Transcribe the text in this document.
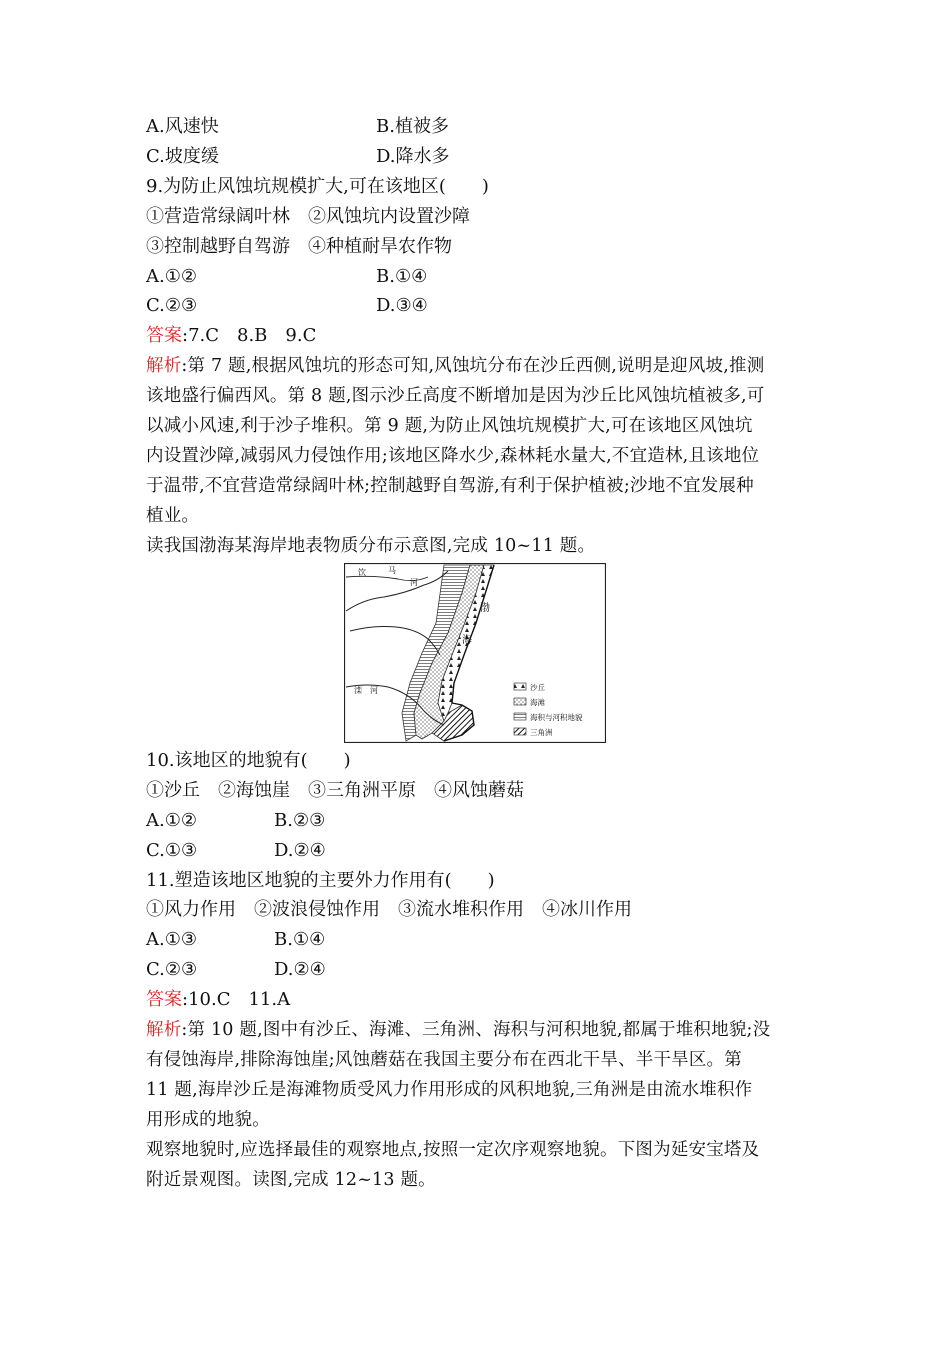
A.风速快	B.植被多
C.坡度缓	D.降水多
9.为防止风蚀坑规模扩大,可在该地区(　　)
①营造常绿阔叶林　②风蚀坑内设置沙障
③控制越野自驾游　④种植耐旱农作物
A.①②	B.①④
C.②③	D.③④
答案:7.C　8.B　9.C
解析:第 7 题,根据风蚀坑的形态可知,风蚀坑分布在沙丘西侧,说明是迎风坡,推测
该地盛行偏西风。第 8 题,图示沙丘高度不断增加是因为沙丘比风蚀坑植被多,可
以减小风速,利于沙子堆积。第 9 题,为防止风蚀坑规模扩大,可在该地区风蚀坑
内设置沙障,减弱风力侵蚀作用;该地区降水少,森林耗水量大,不宜造林,且该地位
于温带,不宜营造常绿阔叶林;控制越野自驾游,有利于保护植被;沙地不宜发展种
植业。
读我国渤海某海岸地表物质分布示意图,完成 10~11 题。
饮	马
河
渤
海
滦 河	沙丘
海滩
海积与河积地貌
三角洲
10.该地区的地貌有(　　)
①沙丘　②海蚀崖　③三角洲平原　④风蚀蘑菇
A.①②	B.②③
C.①③	D.②④
11.塑造该地区地貌的主要外力作用有(　　)
①风力作用　②波浪侵蚀作用　③流水堆积作用　④冰川作用
A.①③	B.①④
C.②③	D.②④
答案:10.C　11.A
解析:第 10 题,图中有沙丘、海滩、三角洲、海积与河积地貌,都属于堆积地貌;没
有侵蚀海岸,排除海蚀崖;风蚀蘑菇在我国主要分布在西北干旱、半干旱区。第
11 题,海岸沙丘是海滩物质受风力作用形成的风积地貌,三角洲是由流水堆积作
用形成的地貌。
观察地貌时,应选择最佳的观察地点,按照一定次序观察地貌。下图为延安宝塔及
附近景观图。读图,完成 12~13 题。
